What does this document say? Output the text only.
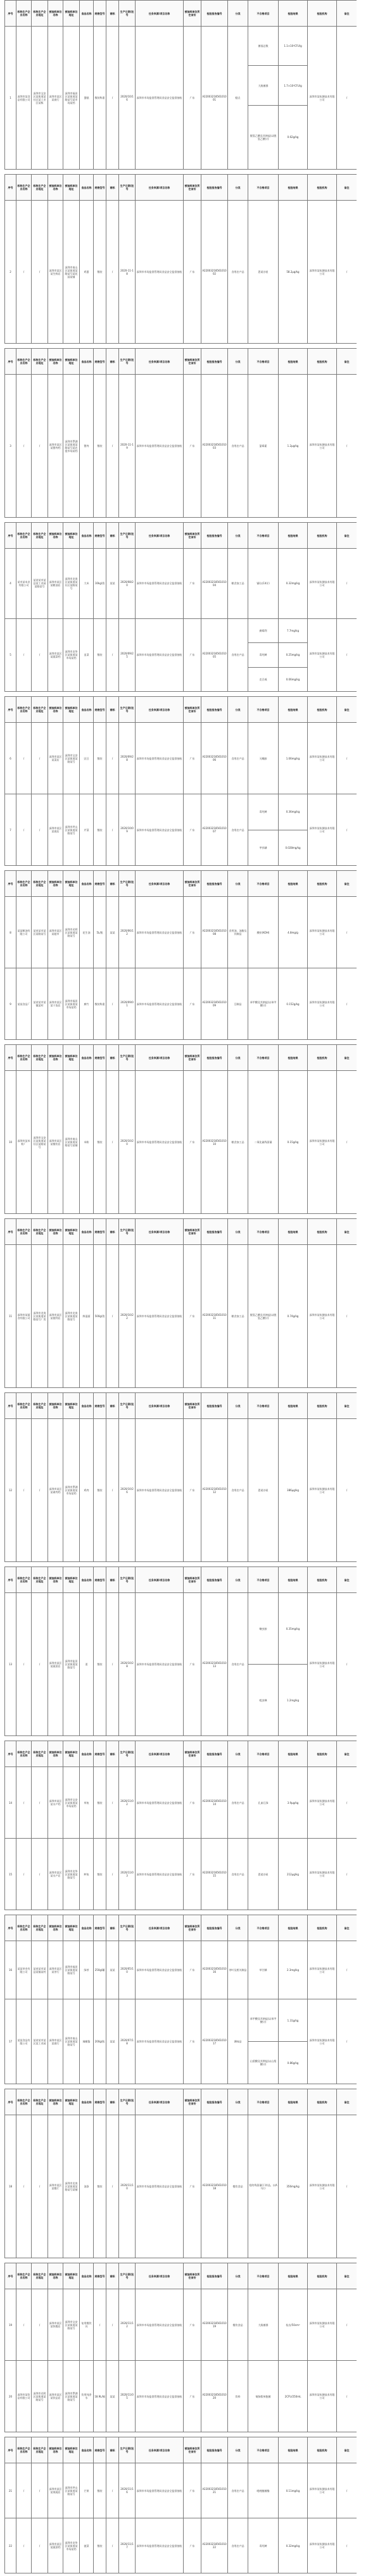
序号	标称生产企业名称	标称生产企业地址	被抽样单位名称	被抽样单位地址	食品名称	规格型号	商标	生产日期/批号	任务来源/项目名称	被抽样单位所在省份	检验报告编号	分类	不合格项目	检验结果	检验机构	备注
1	深圳市某食品有限公司	深圳市宝安区某街道某社区某工业区某栋	深圳市某区某商行	深圳市福田区某街道某路某号某市场某档	蛋糕	散装称重	/	2020/10/16	深圳市市场监督管理局食品安全监督抽检	广东	A2200321856101001	糕点	菌落总数	1.1×10⁴CFU/g	深圳市某检测技术有限公司	/
													大肠菌群	1.7×10⁴CFU/g		
													脱氢乙酸及其钠盐(以脱氢乙酸计)	0.62g/kg		
序号	标称生产企业名称	标称生产企业地址	被抽样单位名称	被抽样单位地址	食品名称	规格型号	商标	生产日期/批号	任务来源/项目名称	被抽样单位所在省份	检验报告编号	分类	不合格项目	检验结果	检验机构	备注
2	/	/	深圳市某区某生鲜店	深圳市南山区某街道某路某号某花园某铺	鸡蛋	散装	/	2020-11-18	深圳市市场监督管理局食品安全监督抽检	广东	A2200321856101002	食用农产品	恩诺沙星	58.2μg/kg	深圳市某检测技术有限公司	/
序号	标称生产企业名称	标称生产企业地址	被抽样单位名称	被抽样单位地址	食品名称	规格型号	商标	生产日期/批号	任务来源/项目名称	被抽样单位所在省份	检验报告编号	分类	不合格项目	检验结果	检验机构	备注
3	/	/	深圳市某区某猪肉档	深圳市罗湖区某街道某路某号某农批市场某档	猪肉	散装	/	2020-11-19	深圳市市场监督管理局食品安全监督抽检	广东	A2200321856101003	食用农产品	氯霉素	1.2μg/kg	深圳市某检测技术有限公司	/
序号	标称生产企业名称	标称生产企业地址	被抽样单位名称	被抽样单位地址	食品名称	规格型号	商标	生产日期/批号	任务来源/项目名称	被抽样单位所在省份	检验报告编号	分类	不合格项目	检验结果	检验机构	备注
4	某市某米业有限公司	某省某市某县某工业园某路某号	深圳市某区某粮油店	深圳市龙岗区某街道某社区某路某号	大米	10kg/袋	某某	2020/08/20	深圳市市场监督管理局食品安全监督抽检	广东	A2200321856101004	粮食加工品	镉(以Cd计)	0.32mg/kg	深圳市某检测技术有限公司	/
5	/	/	深圳市某区某蔬菜档	深圳市龙华区某街道某市场某档	韭菜	散装	/	2020/09/25	深圳市市场监督管理局食品安全监督抽检	广东	A2200321856101005	食用农产品	腐霉利	7.7mg/kg	深圳市某检测技术有限公司	/
													毒死蜱	0.25mg/kg		
													克百威	0.06mg/kg		
序号	标称生产企业名称	标称生产企业地址	被抽样单位名称	被抽样单位地址	食品名称	规格型号	商标	生产日期/批号	任务来源/项目名称	被抽样单位所在省份	检验报告编号	分类	不合格项目	检验结果	检验机构	备注
6	/	/	深圳市某区某菜店	深圳市宝安区某街道某路某号	豇豆	散装	/	2020/09/28	深圳市市场监督管理局食品安全监督抽检	广东	A2200321856101006	食用农产品	灭蝇胺	1.06mg/kg	深圳市某检测技术有限公司	/
7	/	/	深圳市某区某商店	深圳市坪山区某街道某路某号	芹菜	散装	/	2020/10/09	深圳市市场监督管理局食品安全监督抽检	广东	A2200321856101007	食用农产品	毒死蜱	0.36mg/kg	深圳市某检测技术有限公司	/
													甲拌磷	0.028mg/kg		
序号	标称生产企业名称	标称生产企业地址	被抽样单位名称	被抽样单位地址	食品名称	规格型号	商标	生产日期/批号	任务来源/项目名称	被抽样单位所在省份	检验报告编号	分类	不合格项目	检验结果	检验机构	备注
8	某某粮油有限公司	某省某市某区某路某号	深圳市某区某超市	深圳市光明区某街道某路某号	花生油	5L/瓶	某某	2020/06/12	深圳市市场监督管理局食品安全监督抽检	广东	A2200321856101008	食用油、油脂及其制品	酸价(KOH)	4.8mg/g	深圳市某检测技术有限公司	/
9	某某食品厂	某省某市某镇某村	深圳市某区某干货店	深圳市福田区某街道某市场某档	腐竹	散装称重	/	2020/09/01	深圳市市场监督管理局食品安全监督抽检	广东	A2200321856101009	豆制品	苯甲酸及其钠盐(以苯甲酸计)	0.152g/kg	深圳市某检测技术有限公司	/
序号	标称生产企业名称	标称生产企业地址	被抽样单位名称	被抽样单位地址	食品名称	规格型号	商标	生产日期/批号	任务来源/项目名称	被抽样单位所在省份	检验报告编号	分类	不合格项目	检验结果	检验机构	备注
10	深圳市某米粉厂	深圳市宝安区某街道某社区某路某号	深圳市某区某餐饮店	深圳市南山区某街道某路某号某铺	米粉	散装	/	2020/10/20	深圳市市场监督管理局食品安全监督抽检	广东	A2200321856101010	粮食加工品	二氧化硫残留量	0.15g/kg	深圳市某检测技术有限公司	/
序号	标称生产企业名称	标称生产企业地址	被抽样单位名称	被抽样单位地址	食品名称	规格型号	商标	生产日期/批号	任务来源/项目名称	被抽样单位所在省份	检验报告编号	分类	不合格项目	检验结果	检验机构	备注
11	深圳市某面食有限公司	深圳市龙岗区某街道某路某号厂房	深圳市某区某便利店	深圳市龙岗区某街道某路某号	鲜湿面	500g/袋	/	2020/10/22	深圳市市场监督管理局食品安全监督抽检	广东	A2200321856101011	粮食加工品	脱氢乙酸及其钠盐(以脱氢乙酸计)	0.74g/kg	深圳市某检测技术有限公司	/
序号	标称生产企业名称	标称生产企业地址	被抽样单位名称	被抽样单位地址	食品名称	规格型号	商标	生产日期/批号	任务来源/项目名称	被抽样单位所在省份	检验报告编号	分类	不合格项目	检验结果	检验机构	备注
12	/	/	深圳市某区某禽肉档	深圳市罗湖区某街道某市场某档	鸡肉	散装	/	2020/10/26	深圳市市场监督管理局食品安全监督抽检	广东	A2200321856101012	食用农产品	恩诺沙星	386μg/kg	深圳市某检测技术有限公司	/
序号	标称生产企业名称	标称生产企业地址	被抽样单位名称	被抽样单位地址	食品名称	规格型号	商标	生产日期/批号	任务来源/项目名称	被抽样单位所在省份	检验报告编号	分类	不合格项目	检验结果	检验机构	备注
13	/	/	深圳市某区某蔬菜店	深圳市盐田区某街道某路某号	姜	散装	/	2020/10/28	深圳市市场监督管理局食品安全监督抽检	广东	A2200321856101013	食用农产品	噻虫胺	0.35mg/kg	深圳市某检测技术有限公司	/
													吡虫啉	1.2mg/kg		
序号	标称生产企业名称	标称生产企业地址	被抽样单位名称	被抽样单位地址	食品名称	规格型号	商标	生产日期/批号	任务来源/项目名称	被抽样单位所在省份	检验报告编号	分类	不合格项目	检验结果	检验机构	备注
14	/	/	深圳市某区某水产档	深圳市宝安区某街道某市场某档	草鱼	散装	/	2020/11/02	深圳市市场监督管理局食品安全监督抽检	广东	A2200321856101014	食用农产品	孔雀石绿	3.9μg/kg	深圳市某检测技术有限公司	/
15	/	/	深圳市某区某水产店	深圳市龙华区某街道某路某号	鲈鱼	散装	/	2020/11/03	深圳市市场监督管理局食品安全监督抽检	广东	A2200321856101015	食用农产品	恩诺沙星	212μg/kg	深圳市某检测技术有限公司	/
序号	标称生产企业名称	标称生产企业地址	被抽样单位名称	被抽样单位地址	食品名称	规格型号	商标	生产日期/批号	任务来源/项目名称	被抽样单位所在省份	检验报告编号	分类	不合格项目	检验结果	检验机构	备注
16	某某茶业有限公司	某省某市某县某镇某村	深圳市某区某茶行	深圳市福田区某街道某路某号	绿茶	250g/罐	某某	2020/05/10	深圳市市场监督管理局食品安全监督抽检	广东	A2200321856101016	茶叶及相关制品	草甘膦	2.3mg/kg	深圳市某检测技术有限公司	/
17	某某食品有限公司	某省某市某区某工业园	深圳市某区某商行	深圳市南山区某街道某路某号	辣椒酱	200g/瓶	某某	2020/07/18	深圳市市场监督管理局食品安全监督抽检	广东	A2200321856101017	调味品	苯甲酸及其钠盐(以苯甲酸计)	1.31g/kg	深圳市某检测技术有限公司	/
													山梨酸及其钾盐(以山梨酸计)	0.86g/kg		
序号	标称生产企业名称	标称生产企业地址	被抽样单位名称	被抽样单位地址	食品名称	规格型号	商标	生产日期/批号	任务来源/项目名称	被抽样单位所在省份	检验报告编号	分类	不合格项目	检验结果	检验机构	备注
18	/	/	深圳市某区某餐厅	深圳市龙岗区某街道某路某号某铺	油条	散装	/	2020/11/10	深圳市市场监督管理局食品安全监督抽检	广东	A2200321856101018	餐饮食品	铝的残留量(干样品，以Al计)	356mg/kg	深圳市某检测技术有限公司	/
序号	标称生产企业名称	标称生产企业地址	被抽样单位名称	被抽样单位地址	食品名称	规格型号	商标	生产日期/批号	任务来源/项目名称	被抽样单位所在省份	检验报告编号	分类	不合格项目	检验结果	检验机构	备注
19	/	/	深圳市某区某快餐店	深圳市宝安区某街道某路某号	复用餐饮具	/	/	2020/11/12	深圳市市场监督管理局食品安全监督抽检	广东	A2200321856101019	餐饮食品	大肠菌群	检出/50cm²	深圳市某检测技术有限公司	/
20	深圳市某饮品有限公司	深圳市光明区某街道某路某号	深圳市某区某饮品店	深圳市罗湖区某街道某路某号	饮用纯净水	18.9L/桶	某某	2020/11/05	深圳市市场监督管理局食品安全监督抽检	广东	A2200321856101020	饮料	铜绿假单胞菌	2CFU/250mL	深圳市某检测技术有限公司	/
序号	标称生产企业名称	标称生产企业地址	被抽样单位名称	被抽样单位地址	食品名称	规格型号	商标	生产日期/批号	任务来源/项目名称	被抽样单位所在省份	检验报告编号	分类	不合格项目	检验结果	检验机构	备注
21	/	/	深圳市某区某果蔬店	深圳市坪山区某街道某路某号	芒果	散装	/	2020/11/16	深圳市市场监督管理局食品安全监督抽检	广东	A2200321856101021	食用农产品	吡唑醚菌酯	0.11mg/kg	深圳市某检测技术有限公司	/
22	/	/	深圳市某区某蔬菜档	深圳市龙华区某街道某市场某档	菠菜	散装	/	2020/11/17	深圳市市场监督管理局食品安全监督抽检	广东	A2200321856101022	食用农产品	毒死蜱	0.32mg/kg	深圳市某检测技术有限公司	/
